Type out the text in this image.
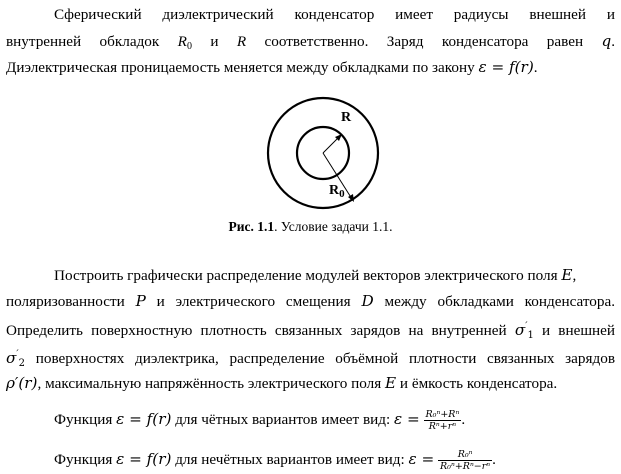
Сферический диэлектрический конденсатор имеет радиусы внешней и
внутренней обкладок $R_0$ и R соответственно. Заряд конденсатора равен q.
Диэлектрическая проницаемость меняется между обкладками по закону ε = f(r).
R
$R_0$
Рис. 1.1. Условие задачи 1.1.
Построить графически распределение модулей векторов электрического поля E,
поляризованности P и электрического смещения D между обкладками конденсатора.
Определить поверхностную плотность связанных зарядов на внутренней $\sigma'_1$ и внешней
$\sigma'_2$ поверхностях диэлектрика, распределение объёмной плотности связанных зарядов
ρ′(r), максимальную напряжённость электрического поля E и ёмкость конденсатора.
Функция ε = f(r) для чётных вариантов имеет вид: $\varepsilon = \frac{\text{R₀ⁿ+Rⁿ}}{\text{Rⁿ+rⁿ}}$ .
Функция ε = f(r) для нечётных вариантов имеет вид: $\varepsilon = \frac{\text{R₀ⁿ}}{\text{R₀ⁿ+Rⁿ−rⁿ}}$ .
